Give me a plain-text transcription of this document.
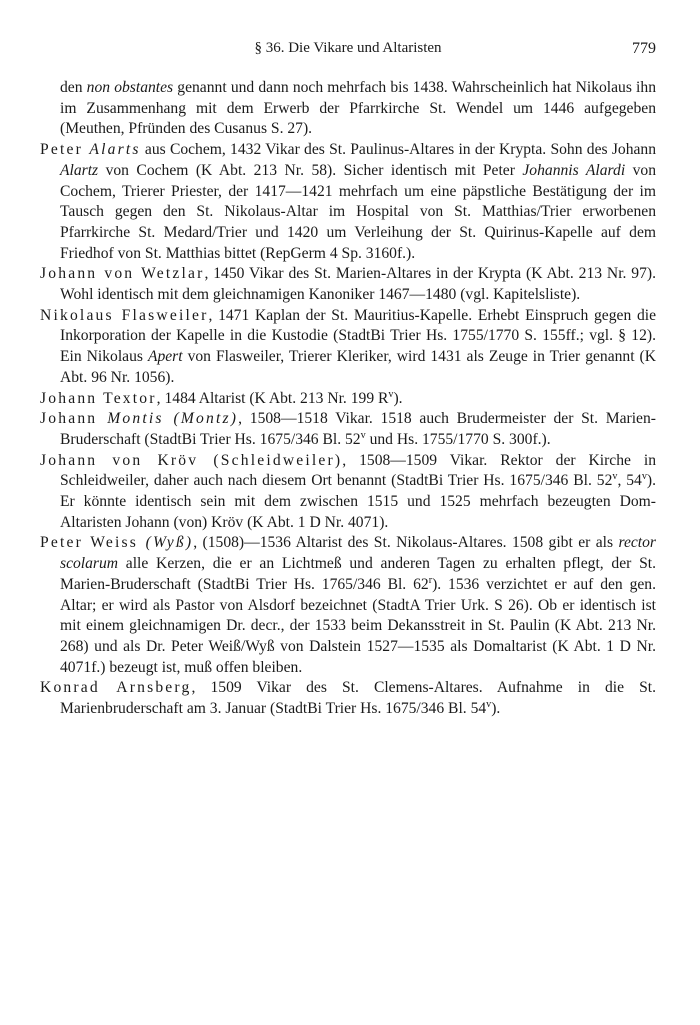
§ 36. Die Vikare und Altaristen	779

den non obstantes genannt und dann noch mehrfach bis 1438. Wahrscheinlich hat Nikolaus ihn im Zusammenhang mit dem Erwerb der Pfarrkirche St. Wendel um 1446 aufgegeben (Meuthen, Pfründen des Cusanus S. 27).

Peter Alarts aus Cochem, 1432 Vikar des St. Paulinus-Altares in der Krypta. Sohn des Johann Alartz von Cochem (K Abt. 213 Nr. 58). Sicher identisch mit Peter Johannis Alardi von Cochem, Trierer Priester, der 1417—1421 mehrfach um eine päpstliche Bestätigung der im Tausch gegen den St. Nikolaus-Altar im Hospital von St. Matthias/Trier erworbenen Pfarrkirche St. Medard/Trier und 1420 um Verleihung der St. Quirinus-Kapelle auf dem Friedhof von St. Matthias bittet (RepGerm 4 Sp. 3160f.).

Johann von Wetzlar, 1450 Vikar des St. Marien-Altares in der Krypta (K Abt. 213 Nr. 97). Wohl identisch mit dem gleichnamigen Kanoniker 1467—1480 (vgl. Kapitelsliste).

Nikolaus Flasweiler, 1471 Kaplan der St. Mauritius-Kapelle. Erhebt Einspruch gegen die Inkorporation der Kapelle in die Kustodie (StadtBi Trier Hs. 1755/1770 S. 155ff.; vgl. § 12). Ein Nikolaus Apert von Flasweiler, Trierer Kleriker, wird 1431 als Zeuge in Trier genannt (K Abt. 96 Nr. 1056).

Johann Textor, 1484 Altarist (K Abt. 213 Nr. 199 $R^v$).

Johann Montis (Montz), 1508—1518 Vikar. 1518 auch Brudermeister der St. Marien-Bruderschaft (StadtBi Trier Hs. 1675/346 Bl. 52$^v$ und Hs. 1755/1770 S. 300f.).

Johann von Kröv (Schleidweiler), 1508—1509 Vikar. Rektor der Kirche in Schleidweiler, daher auch nach diesem Ort benannt (StadtBi Trier Hs. 1675/346 Bl. 52$^v$, 54$^v$). Er könnte identisch sein mit dem zwischen 1515 und 1525 mehrfach bezeugten Dom-Altaristen Johann (von) Kröv (K Abt. 1 D Nr. 4071).

Peter Weiss (Wyß), (1508)—1536 Altarist des St. Nikolaus-Altares. 1508 gibt er als rector scolarum alle Kerzen, die er an Lichtmeß und anderen Tagen zu erhalten pflegt, der St. Marien-Bruderschaft (StadtBi Trier Hs. 1765/346 Bl. 62$^r$). 1536 verzichtet er auf den gen. Altar; er wird als Pastor von Alsdorf bezeichnet (StadtA Trier Urk. S 26). Ob er identisch ist mit einem gleichnamigen Dr. decr., der 1533 beim Dekansstreit in St. Paulin (K Abt. 213 Nr. 268) und als Dr. Peter Weiß/Wyß von Dalstein 1527—1535 als Domaltarist (K Abt. 1 D Nr. 4071f.) bezeugt ist, muß offen bleiben.

Konrad Arnsberg, 1509 Vikar des St. Clemens-Altares. Aufnahme in die St. Marienbruderschaft am 3. Januar (StadtBi Trier Hs. 1675/346 Bl. 54$^v$).
